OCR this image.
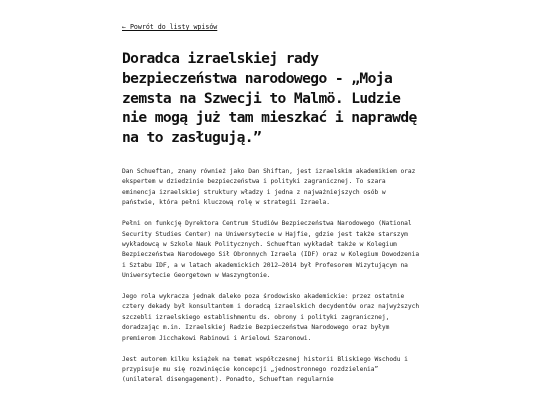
← Powrót do listy wpisów
Doradca izraelskiej rady bezpieczeństwa narodowego - „Moja zemsta na Szwecji to Malmö. Ludzie nie mogą już tam mieszkać i naprawdę na to zasługują.”

Dan Schueftan, znany również jako Dan Shiftan, jest izraelskim akademikiem oraz ekspertem w dziedzinie bezpieczeństwa i polityki zagranicznej. To szara eminencja izraelskiej struktury władzy i jedna z najważniejszych osób w państwie, która pełni kluczową rolę w strategii Izraela.

Pełni on funkcję Dyrektora Centrum Studiów Bezpieczeństwa Narodowego (National Security Studies Center) na Uniwersytecie w Hajfie, gdzie jest także starszym wykładowcą w Szkole Nauk Politycznych. Schueftan wykładał także w Kolegium Bezpieczeństwa Narodowego Sił Obronnych Izraela (IDF) oraz w Kolegium Dowodzenia i Sztabu IDF, a w latach akademickich 2012–2014 był Profesorem Wizytującym na Uniwersytecie Georgetown w Waszyngtonie.

Jego rola wykracza jednak daleko poza środowisko akademickie: przez ostatnie cztery dekady był konsultantem i doradcą izraelskich decydentów oraz najwyższych szczebli izraelskiego establishmentu ds. obrony i polityki zagranicznej, doradzając m.in. Izraelskiej Radzie Bezpieczeństwa Narodowego oraz byłym premierom Jicchakowi Rabinowi i Arielowi Szaronowi.

Jest autorem kilku książek na temat współczesnej historii Bliskiego Wschodu i przypisuje mu się rozwinięcie koncepcji „jednostronnego rozdzielenia” (unilateral disengagement). Ponadto, Schueftan regularnie
